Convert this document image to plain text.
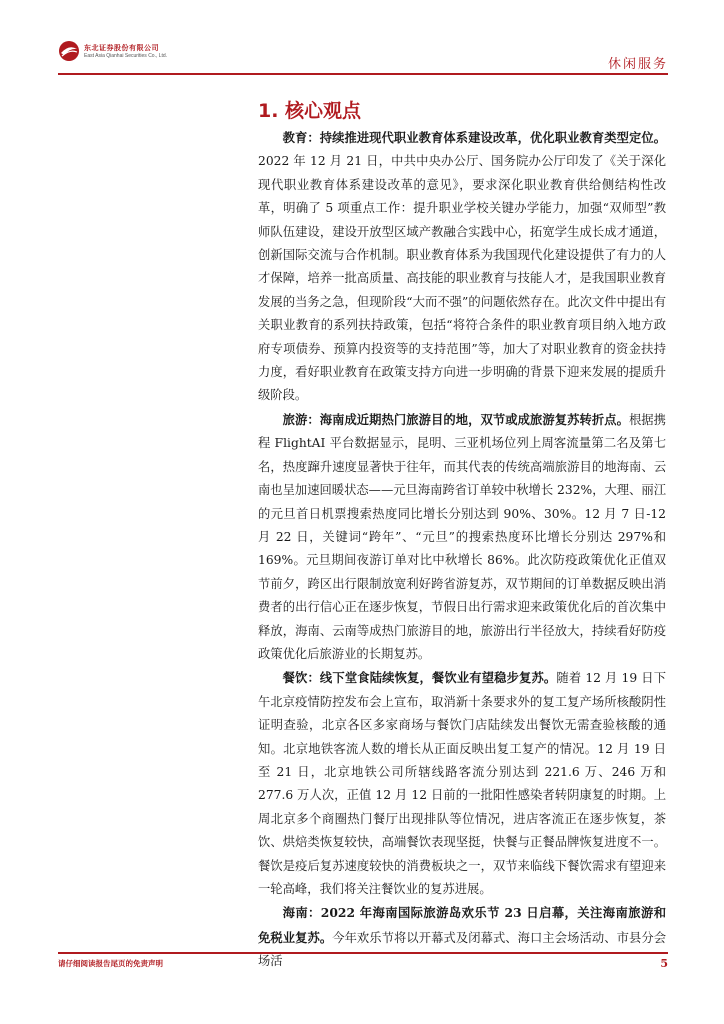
东北证券股份有限公司
East Asia Qianhai Securities Co., Ltd.
休闲服务
1. 核心观点

教育：持续推进现代职业教育体系建设改革，优化职业教育类型定位。2022 年 12 月 21 日，中共中央办公厅、国务院办公厅印发了《关于深化现代职业教育体系建设改革的意见》，要求深化职业教育供给侧结构性改革，明确了 5 项重点工作：提升职业学校关键办学能力，加强“双师型”教师队伍建设，建设开放型区域产教融合实践中心，拓宽学生成长成才通道，创新国际交流与合作机制。职业教育体系为我国现代化建设提供了有力的人才保障，培养一批高质量、高技能的职业教育与技能人才，是我国职业教育发展的当务之急，但现阶段“大而不强”的问题依然存在。此次文件中提出有关职业教育的系列扶持政策，包括“将符合条件的职业教育项目纳入地方政府专项债券、预算内投资等的支持范围”等，加大了对职业教育的资金扶持力度，看好职业教育在政策支持方向进一步明确的背景下迎来发展的提质升级阶段。

旅游：海南成近期热门旅游目的地，双节或成旅游复苏转折点。根据携程 FlightAI 平台数据显示，昆明、三亚机场位列上周客流量第二名及第七名，热度蹿升速度显著快于往年，而其代表的传统高端旅游目的地海南、云南也呈加速回暖状态——元旦海南跨省订单较中秋增长 232%，大理、丽江的元旦首日机票搜索热度同比增长分别达到 90%、30%。12 月 7 日-12 月 22 日，关键词“跨年”、“元旦”的搜索热度环比增长分别达 297%和 169%。元旦期间夜游订单对比中秋增长 86%。此次防疫政策优化正值双节前夕，跨区出行限制放宽利好跨省游复苏，双节期间的订单数据反映出消费者的出行信心正在逐步恢复，节假日出行需求迎来政策优化后的首次集中释放，海南、云南等成热门旅游目的地，旅游出行半径放大，持续看好防疫政策优化后旅游业的长期复苏。

餐饮：线下堂食陆续恢复，餐饮业有望稳步复苏。随着 12 月 19 日下午北京疫情防控发布会上宣布，取消新十条要求外的复工复产场所核酸阴性证明查验，北京各区多家商场与餐饮门店陆续发出餐饮无需查验核酸的通知。北京地铁客流人数的增长从正面反映出复工复产的情况。12 月 19 日至 21 日，北京地铁公司所辖线路客流分别达到 221.6 万、246 万和 277.6 万人次，正值 12 月 12 日前的一批阳性感染者转阴康复的时期。上周北京多个商圈热门餐厅出现排队等位情况，进店客流正在逐步恢复，茶饮、烘焙类恢复较快，高端餐饮表现坚挺，快餐与正餐品牌恢复进度不一。餐饮是疫后复苏速度较快的消费板块之一，双节来临线下餐饮需求有望迎来一轮高峰，我们将关注餐饮业的复苏进展。

海南：2022 年海南国际旅游岛欢乐节 23 日启幕，关注海南旅游和免税业复苏。今年欢乐节将以开幕式及闭幕式、海口主会场活动、市县分会场活

请仔细阅读报告尾页的免责声明	5
